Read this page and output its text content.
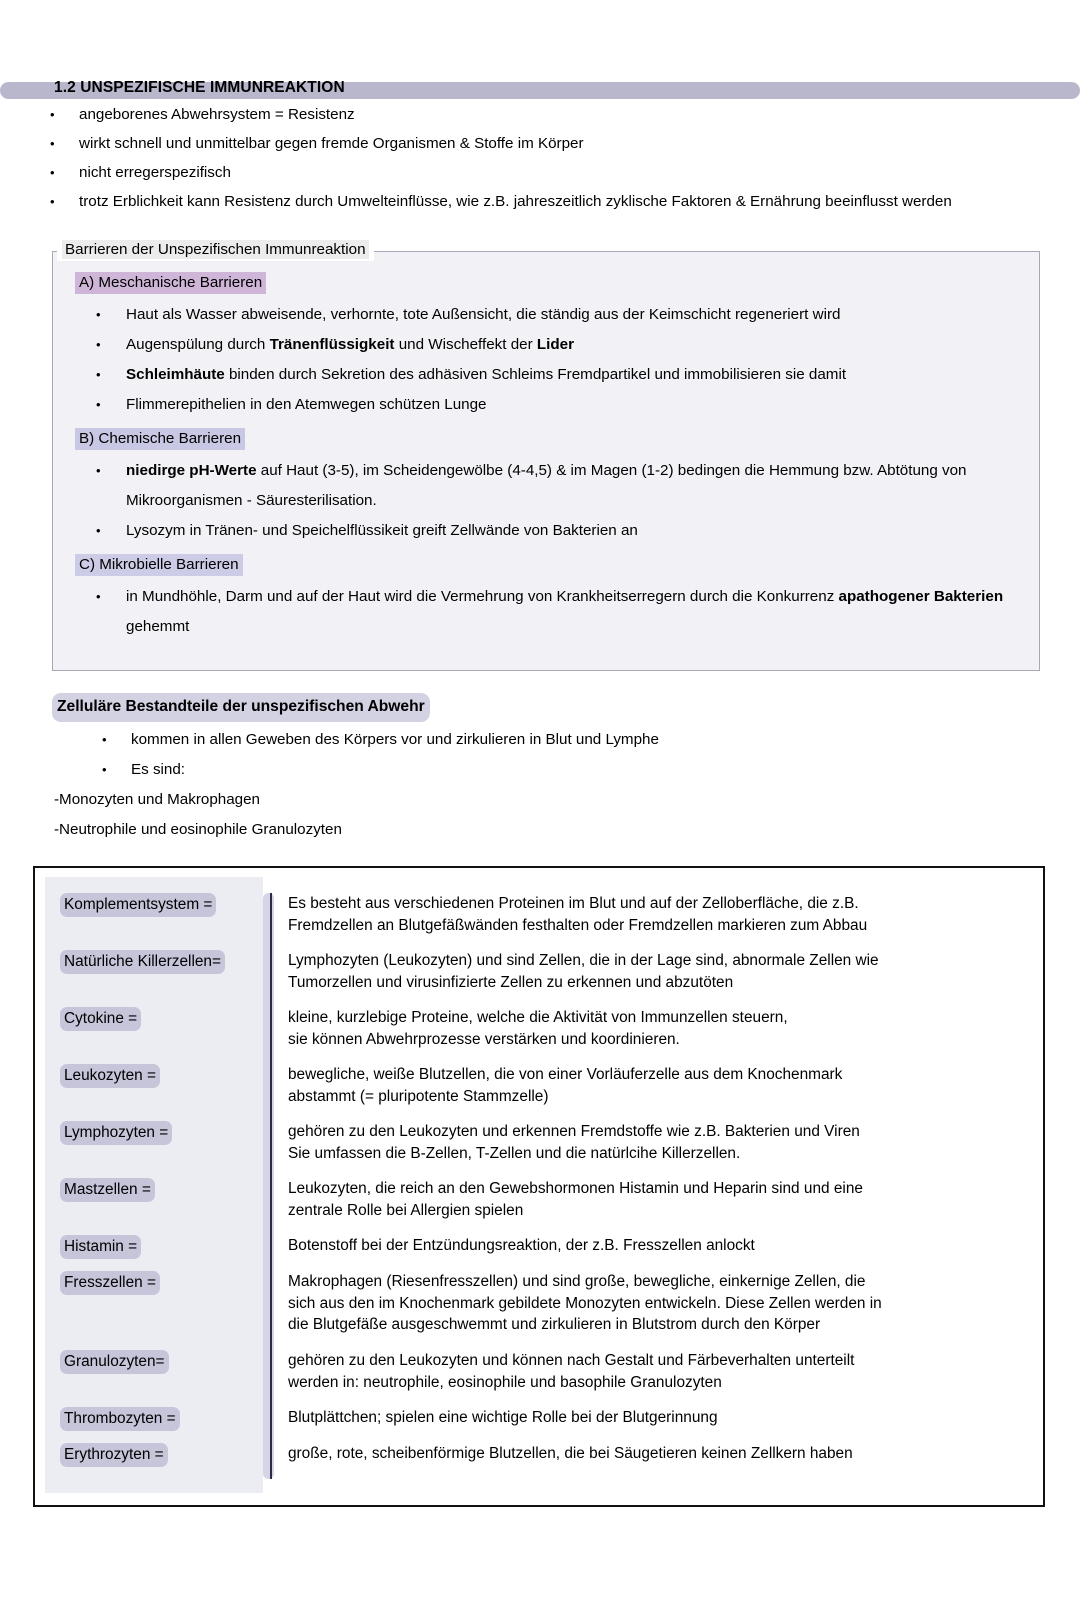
1.2 UNSPEZIFISCHE IMMUNREAKTION
• angeborenes Abwehrsystem = Resistenz
• wirkt schnell und unmittelbar gegen fremde Organismen & Stoffe im Körper
• nicht erregerspezifisch
• trotz Erblichkeit kann Resistenz durch Umwelteinflüsse, wie z.B. jahreszeitlich zyklische Faktoren & Ernährung beeinflusst werden
Barrieren der Unspezifischen Immunreaktion
A) Meschanische Barrieren
• Haut als Wasser abweisende, verhornte, tote Außensicht, die ständig aus der Keimschicht regeneriert wird
• Augenspülung durch Tränenflüssigkeit und Wischeffekt der Lider
• Schleimhäute binden durch Sekretion des adhäsiven Schleims Fremdpartikel und immobilisieren sie damit
• Flimmerepithelien in den Atemwegen schützen Lunge
B) Chemische Barrieren
• niedirge pH-Werte auf Haut (3-5), im Scheidengewölbe (4-4,5) & im Magen (1-2) bedingen die Hemmung bzw. Abtötung von Mikroorganismen - Säuresterilisation.
• Lysozym in Tränen- und Speichelflüssikeit greift Zellwände von Bakterien an
C) Mikrobielle Barrieren
• in Mundhöhle, Darm und auf der Haut wird die Vermehrung von Krankheitserregern durch die Konkurrenz apathogener Bakterien gehemmt
Zelluläre Bestandteile der unspezifischen Abwehr
• kommen in allen Geweben des Körpers vor und zirkulieren in Blut und Lymphe
• Es sind:
-Monozyten und Makrophagen
-Neutrophile und eosinophile Granulozyten
Komplementsystem =
Natürliche Killerzellen=
Cytokine =
Leukozyten =
Lymphozyten =
Mastzellen =
Histamin =
Fresszellen =
Granulozyten=
Thrombozyten =
Erythrozyten =
Es besteht aus verschiedenen Proteinen im Blut und auf der Zelloberfläche, die z.B.
Fremdzellen an Blutgefäßwänden festhalten oder Fremdzellen markieren zum Abbau
Lymphozyten (Leukozyten) und sind Zellen, die in der Lage sind, abnormale Zellen wie
Tumorzellen und virusinfizierte Zellen zu erkennen und abzutöten
kleine, kurzlebige Proteine, welche die Aktivität von Immunzellen steuern,
sie können Abwehrprozesse verstärken und koordinieren.
bewegliche, weiße Blutzellen, die von einer Vorläuferzelle aus dem Knochenmark
abstammt (= pluripotente Stammzelle)
gehören zu den Leukozyten und erkennen Fremdstoffe wie z.B. Bakterien und Viren
Sie umfassen die B-Zellen, T-Zellen und die natürlcihe Killerzellen.
Leukozyten, die reich an den Gewebshormonen Histamin und Heparin sind und eine
zentrale Rolle bei Allergien spielen
Botenstoff bei der Entzündungsreaktion, der z.B. Fresszellen anlockt
Makrophagen (Riesenfresszellen) und sind große, bewegliche, einkernige Zellen, die
sich aus den im Knochenmark gebildete Monozyten entwickeln. Diese Zellen werden in
die Blutgefäße ausgeschwemmt und zirkulieren in Blutstrom durch den Körper
gehören zu den Leukozyten und können nach Gestalt und Färbeverhalten unterteilt
werden in: neutrophile, eosinophile und basophile Granulozyten
Blutplättchen; spielen eine wichtige Rolle bei der Blutgerinnung
große, rote, scheibenförmige Blutzellen, die bei Säugetieren keinen Zellkern haben
